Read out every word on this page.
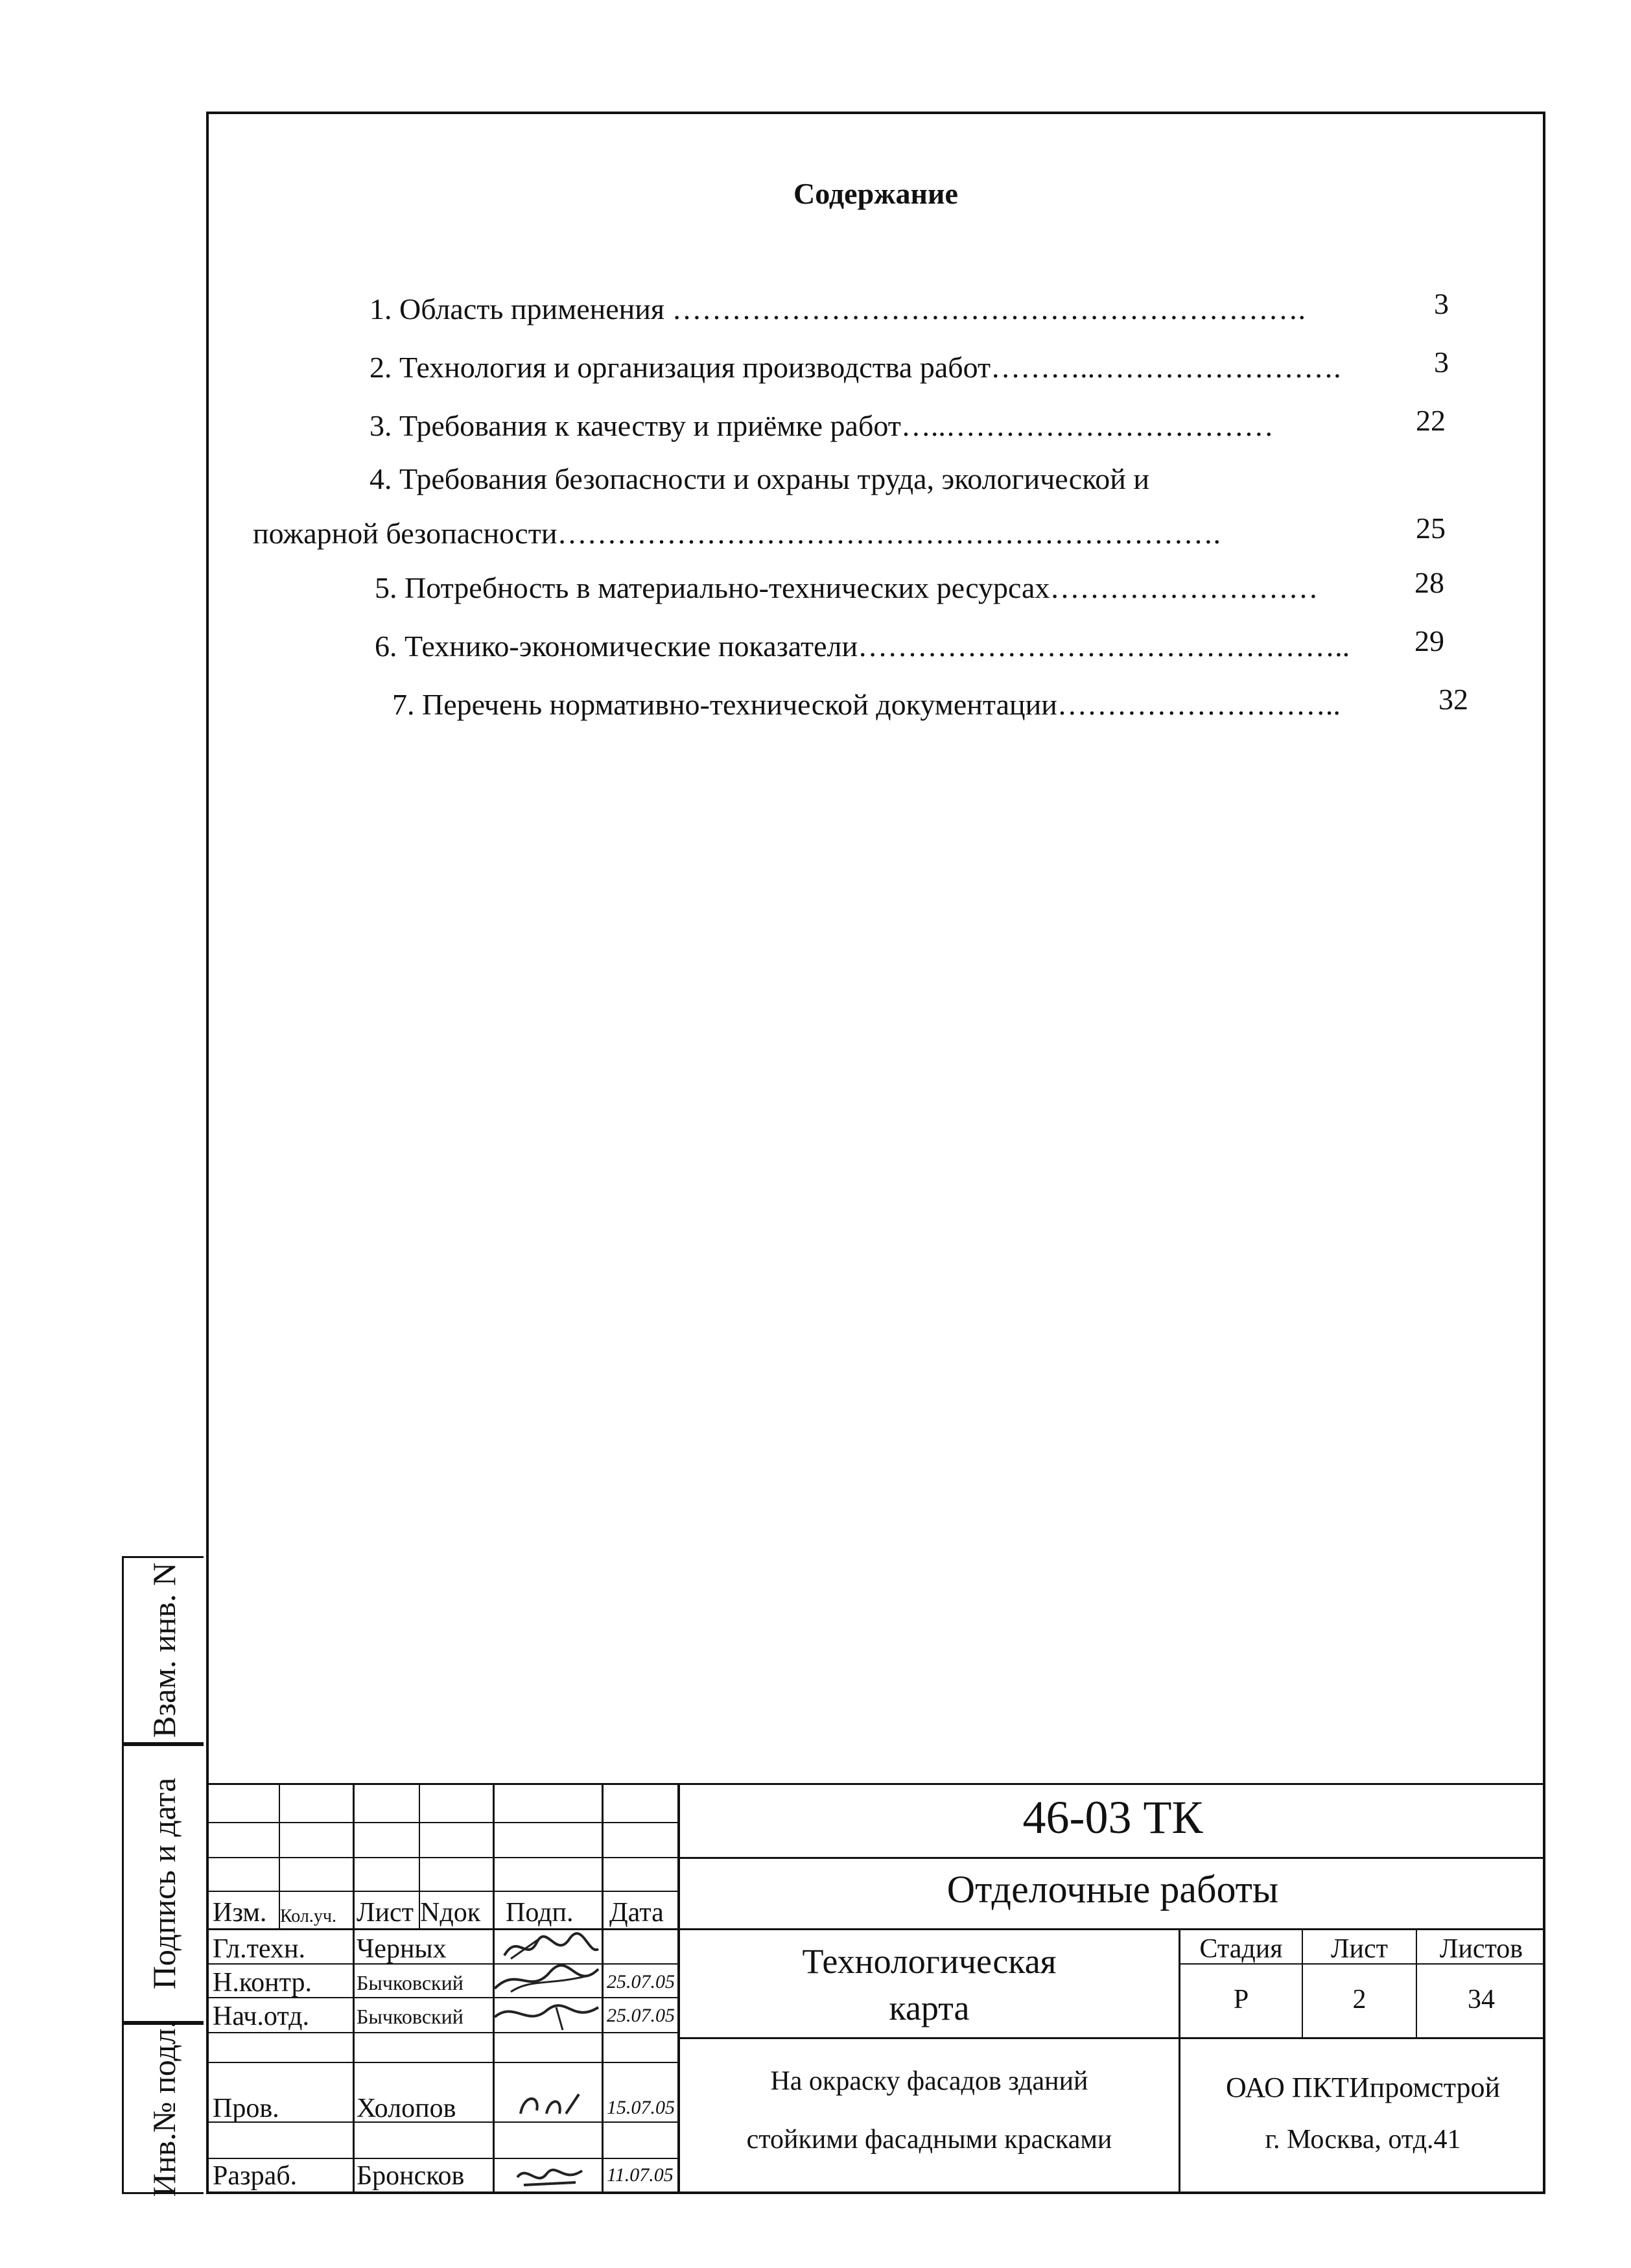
Содержание
1. Область применения ……………………………………………………….	3
2. Технология и организация производства работ………..…………………….	3
3. Требования к качеству и приёмке работ…..……………………………	22
4. Требования безопасности и охраны труда, экологической и
пожарной безопасности………………………………………………………….	25
5. Потребность в материально-технических ресурсах………………………	28
6. Технико-экономические показатели………………………………………….. 29
7. Перечень нормативно-технической документации………………………..	32
Взам. инв. N
Подпись и дата
Инв.№ подл.
46-03 ТК
Отделочные работы
Изм. Кол.уч. Лист Nдок Подп. Дата
Гл.техн. Черных
Н.контр. Бычковский	25.07.05
Нач.отд. Бычковский	25.07.05
Пров.	Холопов	15.07.05
Разраб. Бронсков	11.07.05
Технологическая
карта
Стадия	Лист	Листов
Р	2	34
На окраску фасадов зданий
стойкими фасадными красками
ОАО ПКТИпромстрой
г. Москва, отд.41
